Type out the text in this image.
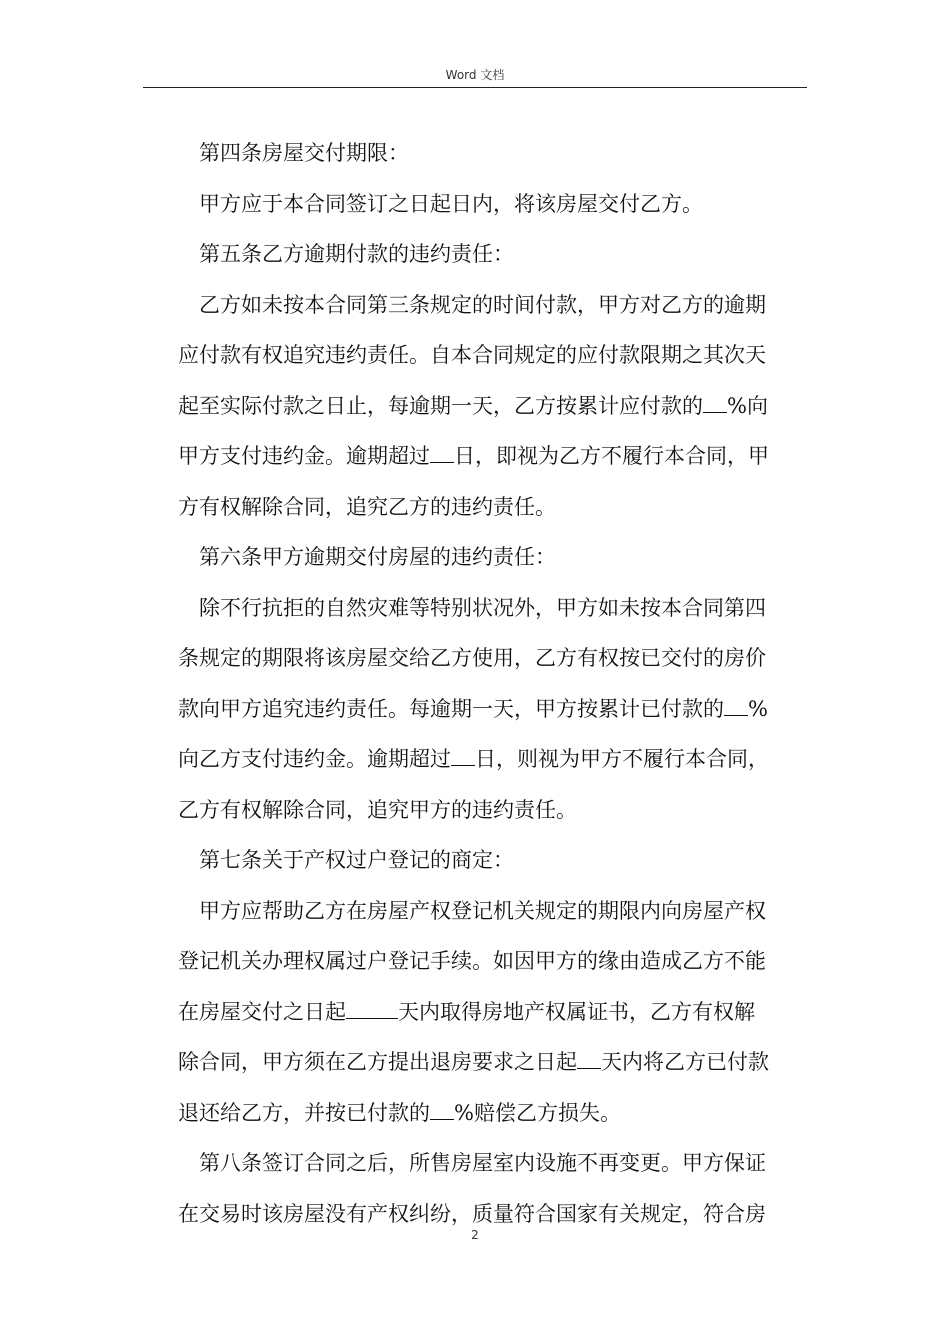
Word 文档

第四条房屋交付期限：

甲方应于本合同签订之日起日内，将该房屋交付乙方。

第五条乙方逾期付款的违约责任：

乙方如未按本合同第三条规定的时间付款，甲方对乙方的逾期
应付款有权追究违约责任。自本合同规定的应付款限期之其次天
起至实际付款之日止，每逾期一天，乙方按累计应付款的 %向
甲方支付违约金。逾期超过 日，即视为乙方不履行本合同，甲
方有权解除合同，追究乙方的违约责任。

第六条甲方逾期交付房屋的违约责任：

除不行抗拒的自然灾难等特别状况外，甲方如未按本合同第四
条规定的期限将该房屋交给乙方使用，乙方有权按已交付的房价
款向甲方追究违约责任。每逾期一天，甲方按累计已付款的 %
向乙方支付违约金。逾期超过 日，则视为甲方不履行本合同，
乙方有权解除合同，追究甲方的违约责任。

第七条关于产权过户登记的商定：

甲方应帮助乙方在房屋产权登记机关规定的期限内向房屋产权
登记机关办理权属过户登记手续。如因甲方的缘由造成乙方不能
在房屋交付之日起 天内取得房地产权属证书，乙方有权解
除合同，甲方须在乙方提出退房要求之日起 天内将乙方已付款
退还给乙方，并按已付款的 %赔偿乙方损失。

第八条签订合同之后，所售房屋室内设施不再变更。甲方保证
在交易时该房屋没有产权纠纷，质量符合国家有关规定，符合房

2
